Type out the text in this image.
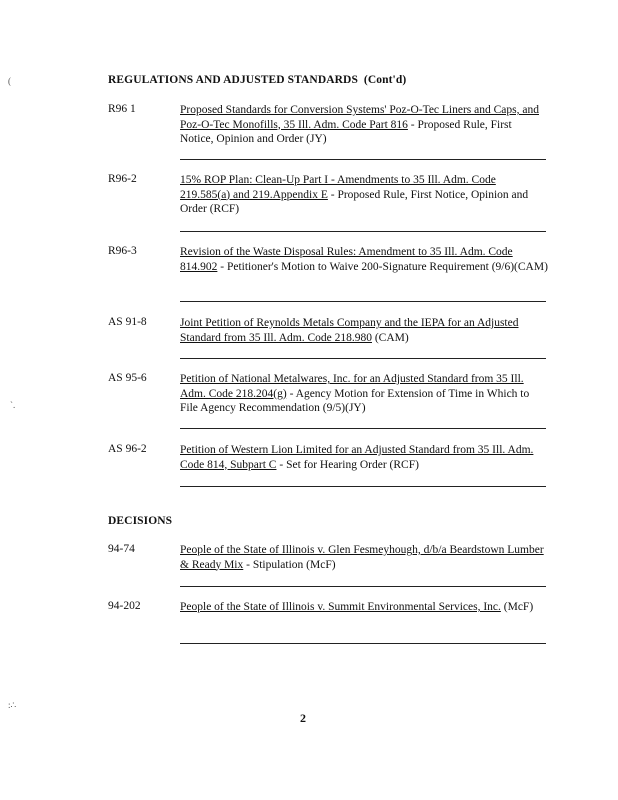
(
`.
:∴
REGULATIONS AND ADJUSTED STANDARDS (Cont'd)
R96 1	Proposed Standards for Conversion Systems' Poz-O-Tec Liners and Caps, and Poz-O-Tec Monofills, 35 Ill. Adm. Code Part 816 - Proposed Rule, First Notice, Opinion and Order (JY)
R96-2	15% ROP Plan: Clean-Up Part I - Amendments to 35 Ill. Adm. Code 219.585(a) and 219.Appendix E - Proposed Rule, First Notice, Opinion and Order (RCF)
R96-3	Revision of the Waste Disposal Rules: Amendment to 35 Ill. Adm. Code 814.902 - Petitioner's Motion to Waive 200-Signature Requirement (9/6)(CAM)
AS 91-8	Joint Petition of Reynolds Metals Company and the IEPA for an Adjusted Standard from 35 Ill. Adm. Code 218.980 (CAM)
AS 95-6	Petition of National Metalwares, Inc. for an Adjusted Standard from 35 Ill. Adm. Code 218.204(g) - Agency Motion for Extension of Time in Which to File Agency Recommendation (9/5)(JY)
AS 96-2	Petition of Western Lion Limited for an Adjusted Standard from 35 Ill. Adm. Code 814, Subpart C - Set for Hearing Order (RCF)
DECISIONS
94-74	People of the State of Illinois v. Glen Fesmeyhough, d/b/a Beardstown Lumber & Ready Mix - Stipulation (McF)
94-202	People of the State of Illinois v. Summit Environmental Services, Inc. (McF)
2
